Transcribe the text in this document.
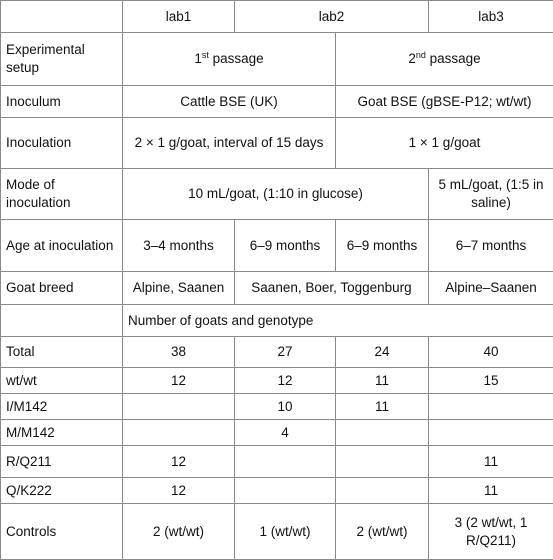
	lab1	lab2		lab3
Experimental setup	1st passage		2nd passage	
Inoculum	Cattle BSE (UK)		Goat BSE (gBSE-P12; wt/wt)	
Inoculation	2 × 1 g/goat, interval of 15 days		1 × 1 g/goat	
Mode of inoculation	10 mL/goat, (1:10 in glucose)			5 mL/goat, (1:5 in saline)
Age at inoculation	3–4 months	6–9 months	6–9 months	6–7 months
Goat breed	Alpine, Saanen	Saanen, Boer, Toggenburg		Alpine–Saanen
	Number of goats and genotype			
Total	38	27	24	40
wt/wt	12	12	11	15
I/M142		10	11	
M/M142		4		
R/Q211	12			11
Q/K222	12			11
Controls	2 (wt/wt)	1 (wt/wt)	2 (wt/wt)	3 (2 wt/wt, 1 R/Q211)
